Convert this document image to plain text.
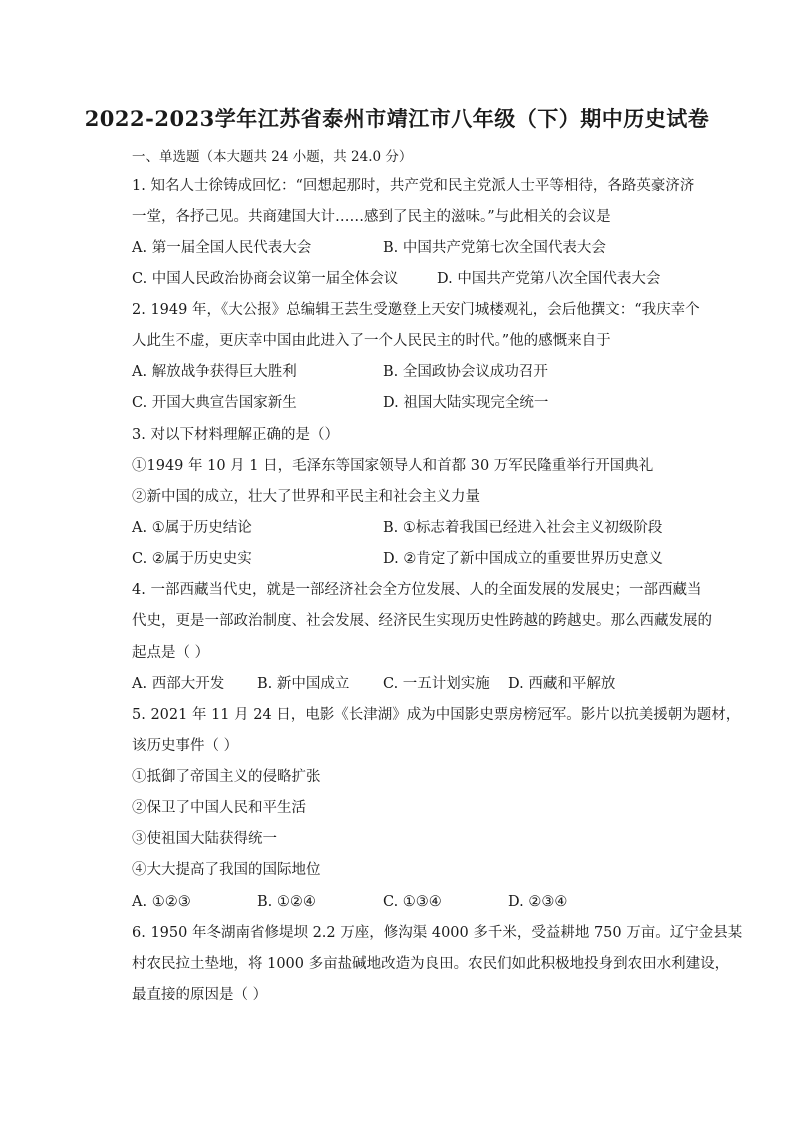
2022-2023学年江苏省泰州市靖江市八年级（下）期中历史试卷
一、单选题（本大题共 24 小题，共 24.0 分）
1. 知名人士徐铸成回忆：“回想起那时，共产党和民主党派人士平等相待，各路英豪济济
一堂，各抒己见。共商建国大计……感到了民主的滋味。”与此相关的会议是
A. 第一届全国人民代表大会	B. 中国共产党第七次全国代表大会
C. 中国人民政治协商会议第一届全体会议	D. 中国共产党第八次全国代表大会
2. 1949 年，《大公报》总编辑王芸生受邀登上天安门城楼观礼，会后他撰文：“我庆幸个
人此生不虚，更庆幸中国由此进入了一个人民民主的时代。”他的感慨来自于
A. 解放战争获得巨大胜利	B. 全国政协会议成功召开
C. 开国大典宣告国家新生	D. 祖国大陆实现完全统一
3. 对以下材料理解正确的是（）
①1949 年 10 月 1 日，毛泽东等国家领导人和首都 30 万军民隆重举行开国典礼
②新中国的成立，壮大了世界和平民主和社会主义力量
A. ①属于历史结论	B. ①标志着我国已经进入社会主义初级阶段
C. ②属于历史史实	D. ②肯定了新中国成立的重要世界历史意义
4. 一部西藏当代史，就是一部经济社会全方位发展、人的全面发展的发展史；一部西藏当
代史，更是一部政治制度、社会发展、经济民生实现历史性跨越的跨越史。那么西藏发展的
起点是（ ）
A. 西部大开发 B. 新中国成立 C. 一五计划实施 D. 西藏和平解放
5. 2021 年 11 月 24 日，电影《长津湖》成为中国影史票房榜冠军。影片以抗美援朝为题材，
该历史事件（ ）
①抵御了帝国主义的侵略扩张
②保卫了中国人民和平生活
③使祖国大陆获得统一
④大大提高了我国的国际地位
A. ①②③	B. ①②④	C. ①③④	D. ②③④
6. 1950 年冬湖南省修堤坝 2.2 万座，修沟渠 4000 多千米，受益耕地 750 万亩。辽宁金县某
村农民拉土垫地，将 1000 多亩盐碱地改造为良田。农民们如此积极地投身到农田水利建设，
最直接的原因是（ ）
